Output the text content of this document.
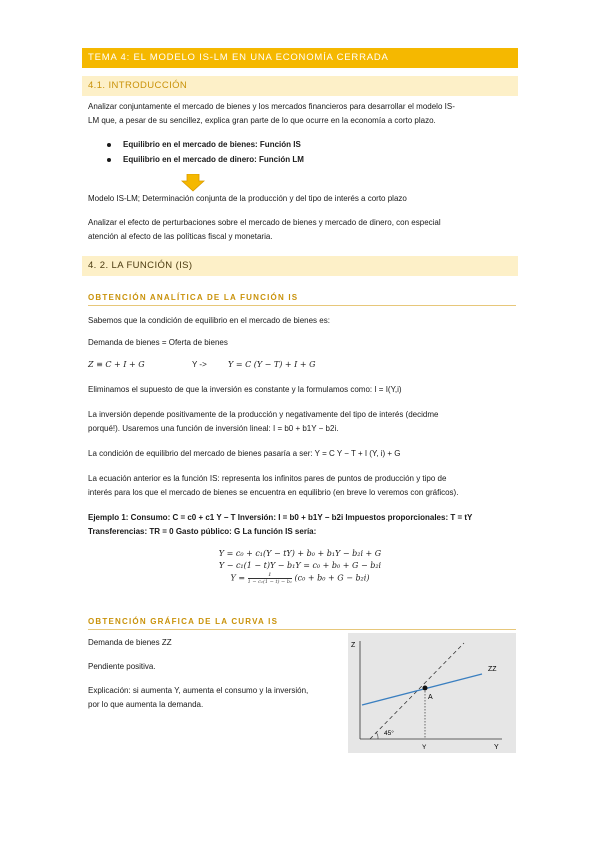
TEMA 4: EL MODELO IS-LM EN UNA ECONOMÍA CERRADA
4.1. INTRODUCCIÓN
Analizar conjuntamente el mercado de bienes y los mercados financieros para desarrollar el modelo IS-
LM que, a pesar de su sencillez, explica gran parte de lo que ocurre en la economía a corto plazo.
Equilibrio en el mercado de bienes: Función IS
Equilibrio en el mercado de dinero: Función LM
Modelo IS-LM; Determinación conjunta de la producción y del tipo de interés a corto plazo
Analizar el efecto de perturbaciones sobre el mercado de bienes y mercado de dinero, con especial
atención al efecto de las políticas fiscal y monetaria.
4. 2. LA FUNCIÓN (IS)
OBTENCIÓN ANALÍTICA DE LA FUNCIÓN IS
Sabemos que la condición de equilibrio en el mercado de bienes es:
Demanda de bienes = Oferta de bienes
Z ≡ C + I + G	Y ->	Y = C (Y − T) + I + G
Eliminamos el supuesto de que la inversión es constante y la formulamos como: I = I(Y,i)
La inversión depende positivamente de la producción y negativamente del tipo de interés (decidme
porqué!). Usaremos una función de inversión lineal: I = b0 + b1Y − b2i.
La condición de equilibrio del mercado de bienes pasaría a ser: Y = C Y − T + I (Y, i) + G
La ecuación anterior es la función IS: representa los infinitos pares de puntos de producción y tipo de
interés para los que el mercado de bienes se encuentra en equilibrio (en breve lo veremos con gráficos).
Ejemplo 1: Consumo: C = c0 + c1 Y − T Inversión: I = b0 + b1Y − b2i Impuestos proporcionales: T = tY
Transferencias: TR = 0 Gasto público: G La función IS sería:
Y = c₀ + c₁(Y − tY) + b₀ + b₁Y − b₂i + G
Y − c₁(1 − t)Y − b₁Y = c₀ + b₀ + G − b₂i
$Y = \frac{1}{\text{1 − c₁(1 − t) − b₁}} (c_0 + b_0 + G - b_2i)$
OBTENCIÓN GRÁFICA DE LA CURVA IS
Demanda de bienes ZZ
Pendiente positiva.
Explicación: si aumenta Y, aumenta el consumo y la inversión,
por lo que aumenta la demanda.
Z
Y
ZZ
A
Y
45°
